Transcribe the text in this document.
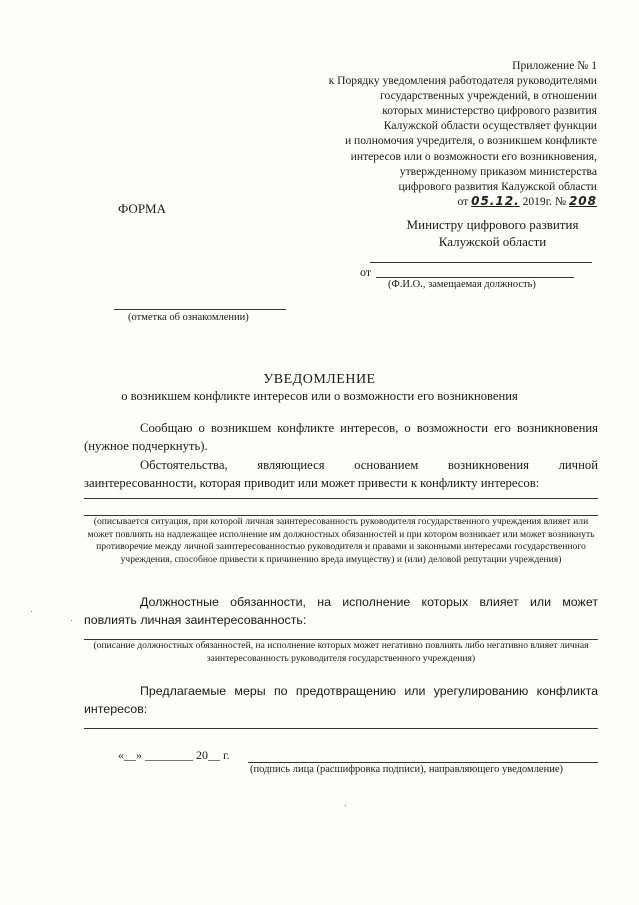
Приложение № 1
к Порядку уведомления работодателя руководителями
государственных учреждений, в отношении
которых министерство цифрового развития
Калужской области осуществляет функции
и полномочия учредителя, о возникшем конфликте
интересов или о возможности его возникновения,
утвержденному приказом министерства
цифрового развития Калужской области
от 05.12. 2019г. № 208
ФОРМА
Министру цифрового развития
Калужской области
от
(Ф.И.О., замещаемая должность)
(отметка об ознакомлении)
УВЕДОМЛЕНИЕ
о возникшем конфликте интересов или о возможности его возникновения
Сообщаю о возникшем конфликте интересов, о возможности его возникновения (нужное подчеркнуть).
Обстоятельства, являющиеся основанием возникновения личной заинтересованности, которая приводит или может привести к конфликту интересов:
(описывается ситуация, при которой личная заинтересованность руководителя государственного учреждения влияет или может повлиять на надлежащее исполнение им должностных обязанностей и при котором возникает или может возникнуть противоречие между личной заинтересованностью руководителя и правами и законными интересами государственного учреждения, способное привести к причинению вреда имуществу) и (или) деловой репутации учреждения)
Должностные обязанности, на исполнение которых влияет или может повлиять личная заинтересованность:
(описание должностных обязанностей, на исполнение которых может негативно повлиять либо негативно влияет личная заинтересованность руководителя государственного учреждения)
Предлагаемые меры по предотвращению или урегулированию конфликта интересов:
«__» ________ 20__ г.
(подпись лица (расшифровка подписи), направляющего уведомление)
